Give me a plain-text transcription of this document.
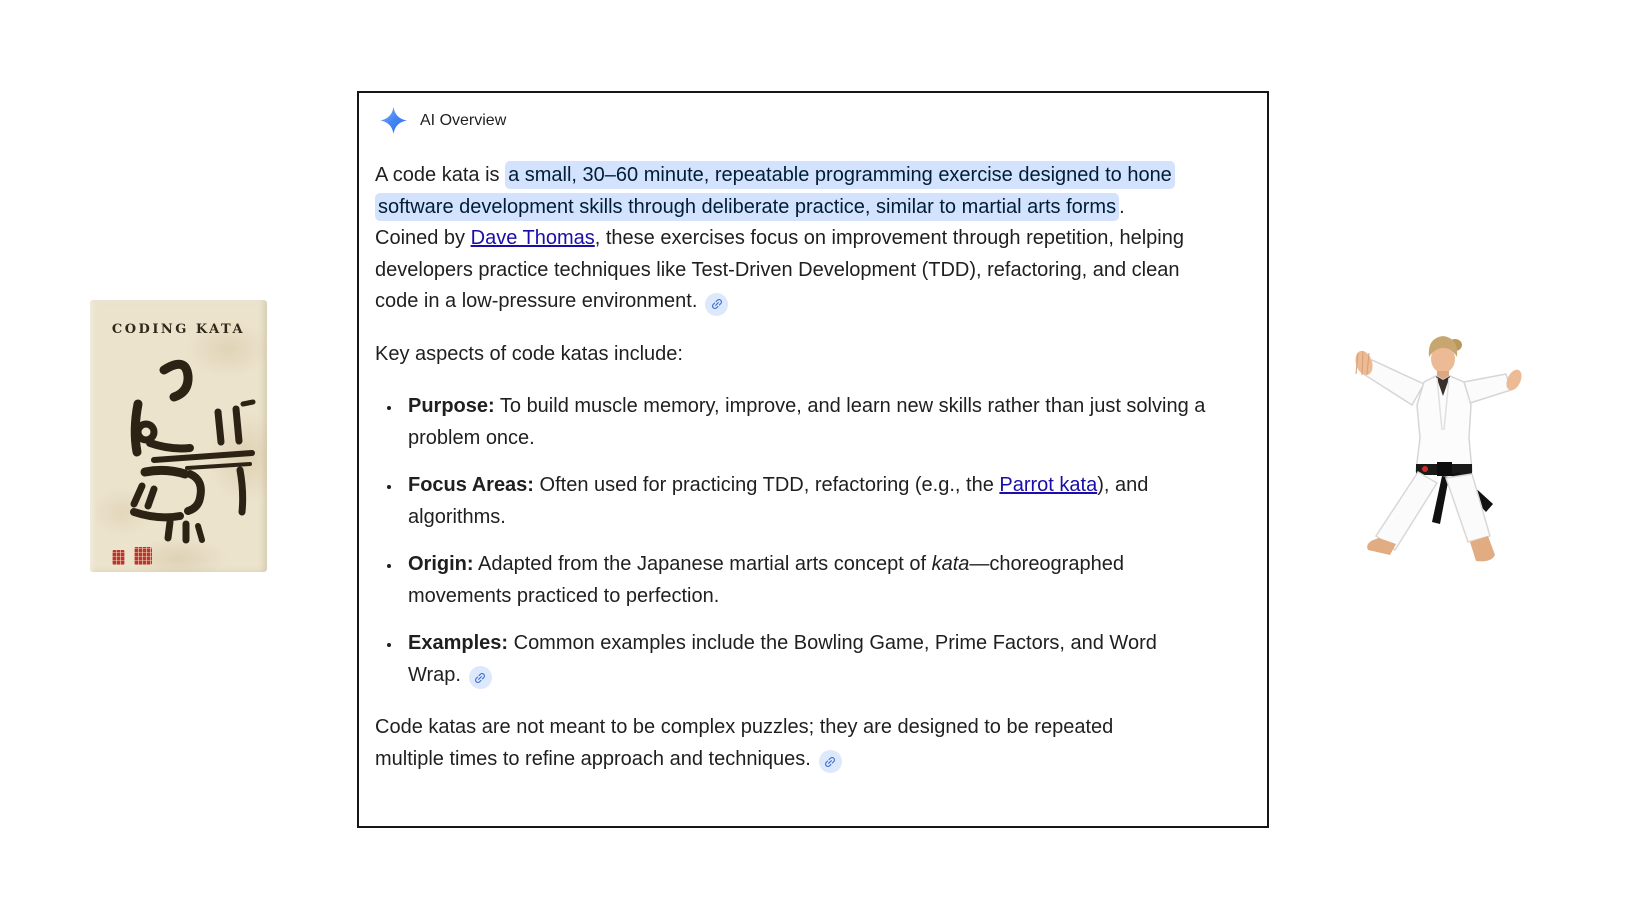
CODING KATA
AI Overview

A code kata is a small, 30–60 minute, repeatable programming exercise designed to hone software development skills through deliberate practice, similar to martial arts forms . Coined by Dave Thomas, these exercises focus on improvement through repetition, helping developers practice techniques like Test-Driven Development (TDD), refactoring, and clean code in a low-pressure environment.

Key aspects of code katas include:

• Purpose: To build muscle memory, improve, and learn new skills rather than just solving a problem once.
• Focus Areas: Often used for practicing TDD, refactoring (e.g., the Parrot kata), and algorithms.
• Origin: Adapted from the Japanese martial arts concept of kata—choreographed movements practiced to perfection.
• Examples: Common examples include the Bowling Game, Prime Factors, and Word Wrap.

Code katas are not meant to be complex puzzles; they are designed to be repeated multiple times to refine approach and techniques.
